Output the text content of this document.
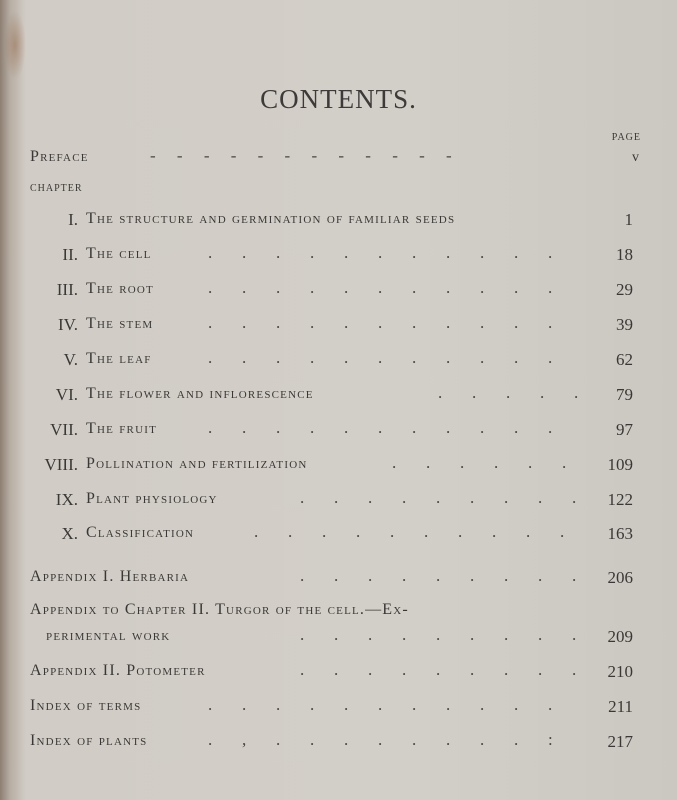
CONTENTS.
PAGE
Preface	-     -     -     -     -     -     -     -     -     -     -     -	v
CHAPTER
I. The structure and germination of familiar seeds	1
II. The cell	.       .       .       .       .       .       .       .       .       .       .	18
III. The root	.       .       .       .       .       .       .       .       .       .       .	29
IV. The stem	.       .       .       .       .       .       .       .       .       .       .	39
V. The leaf	.       .       .       .       .       .       .       .       .       .       .	62
VI. The flower and inflorescence	.       .       .       .       .	79
VII. The fruit	.       .       .       .       .       .       .       .       .       .       .	97
VIII. Pollination and fertilization	.       .       .       .       .       .	109
IX. Plant physiology	.       .       .       .       .       .       .       .       .	122
X. Classification	.       .       .       .       .       .       .       .       .       .	163
Appendix I. Herbaria	.       .       .       .       .       .       .       .       .	206
Appendix to Chapter II. Turgor of the cell.—Ex-
perimental work	.       .       .       .       .       .       .       .       .	209
Appendix II. Potometer	.       .       .       .       .       .       .       .       .	210
Index of terms	.       .       .       .       .       .       .       .       .       .       .	211
Index of plants	.       ,       .       .       .       .       .       .       .       .       :	217
